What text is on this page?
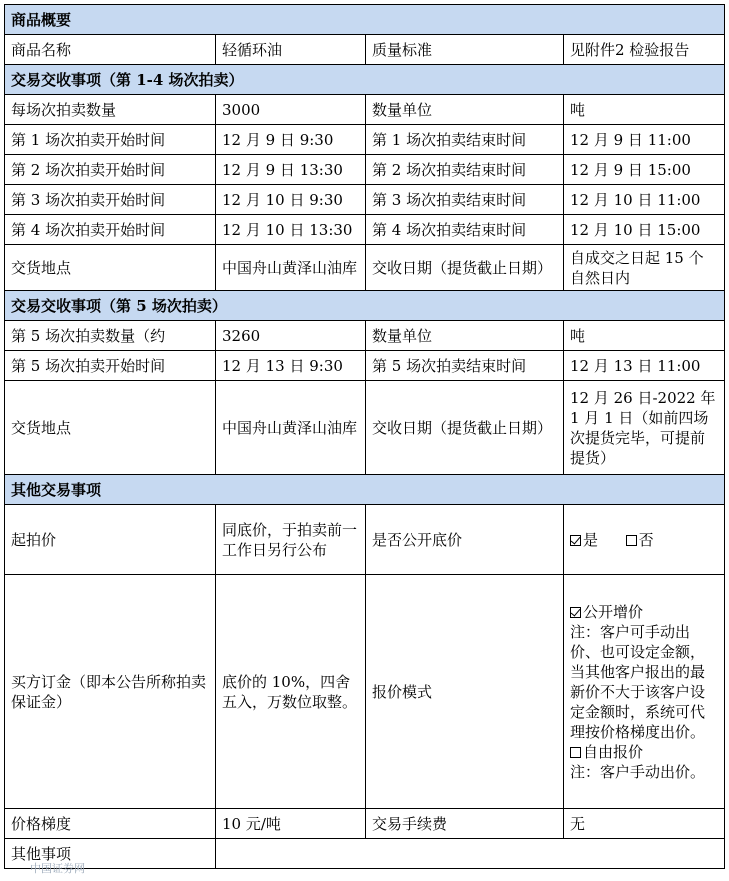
商品概要			
商品名称	轻循环油	质量标准	见附件2 检验报告
交易交收事项（第 1-4 场次拍卖）			
每场次拍卖数量	3000	数量单位	吨
第 1 场次拍卖开始时间	12 月 9 日 9:30	第 1 场次拍卖结束时间	12 月 9 日 11:00
第 2 场次拍卖开始时间	12 月 9 日 13:30	第 2 场次拍卖结束时间	12 月 9 日 15:00
第 3 场次拍卖开始时间	12 月 10 日 9:30	第 3 场次拍卖结束时间	12 月 10 日 11:00
第 4 场次拍卖开始时间	12 月 10 日 13:30	第 4 场次拍卖结束时间	12 月 10 日 15:00
交货地点	中国舟山黄泽山油库	交收日期（提货截止日期）	自成交之日起 15 个自然日内
交易交收事项（第 5 场次拍卖）			
第 5 场次拍卖数量（约	3260	数量单位	吨
第 5 场次拍卖开始时间	12 月 13 日 9:30	第 5 场次拍卖结束时间	12 月 13 日 11:00
交货地点	中国舟山黄泽山油库	交收日期（提货截止日期）	12 月 26 日-2022 年 1 月 1 日（如前四场次提货完毕，可提前提货）
其他交易事项			
起拍价	同底价，于拍卖前一工作日另行公布	是否公开底价	是 否
买方订金（即本公告所称拍卖保证金）	底价的 10%，四舍五入，万数位取整。	报价模式	公开增价
注：客户可手动出价、也可设定金额，当其他客户报出的最新价不大于该客户设定金额时，系统可代理按价格梯度出价。
自由报价
注：客户手动出价。

价格梯度	10 元/吨	交易手续费	无
其他事项			
中国证券网
